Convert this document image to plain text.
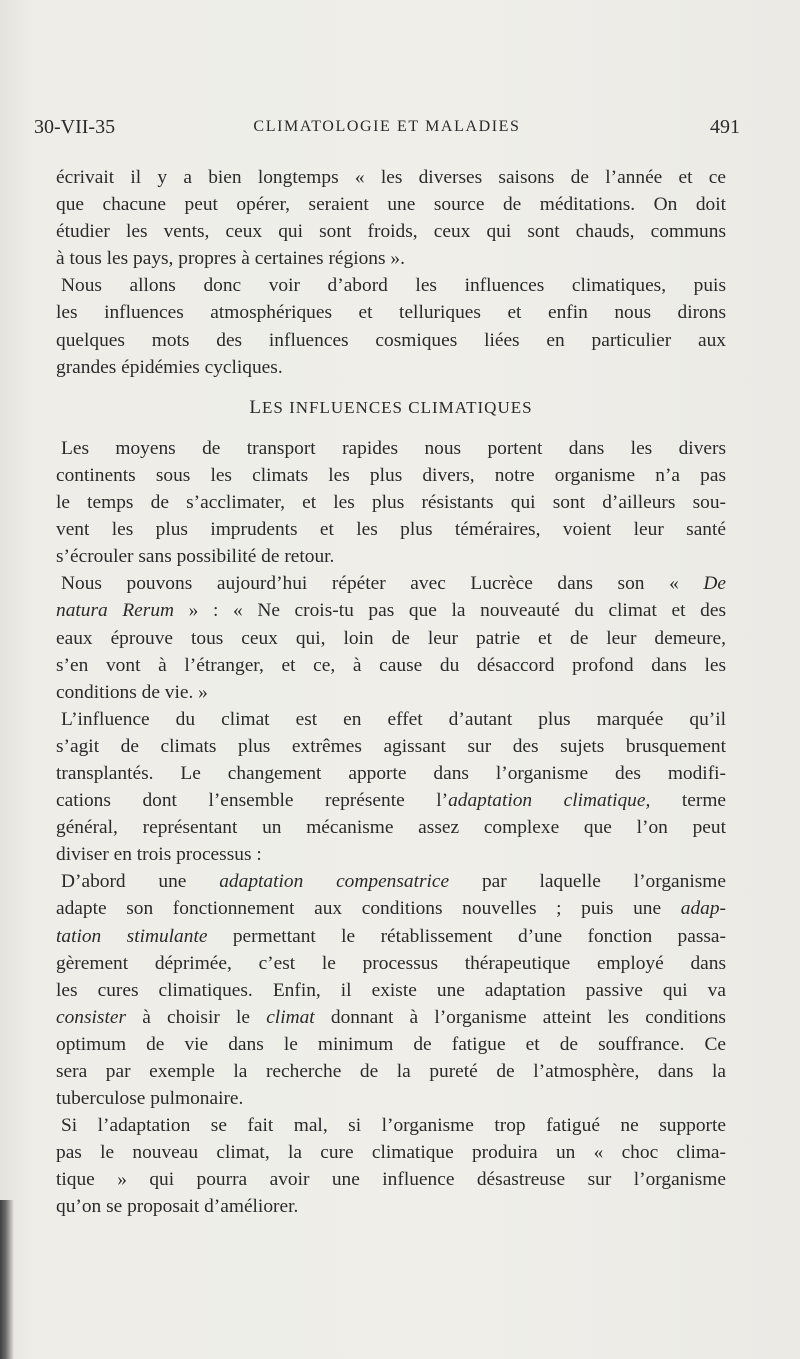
30-VII-35	CLIMATOLOGIE ET MALADIES	491

écrivait il y a bien longtemps « les diverses saisons de l’année et ce
que chacune peut opérer, seraient une source de méditations. On doit
étudier les vents, ceux qui sont froids, ceux qui sont chauds, communs
à tous les pays, propres à certaines régions ».

Nous allons donc voir d’abord les influences climatiques, puis
les influences atmosphériques et telluriques et enfin nous dirons
quelques mots des influences cosmiques liées en particulier aux
grandes épidémies cycliques.

LES INFLUENCES CLIMATIQUES

Les moyens de transport rapides nous portent dans les divers
continents sous les climats les plus divers, notre organisme n’a pas
le temps de s’acclimater, et les plus résistants qui sont d’ailleurs sou-
vent les plus imprudents et les plus téméraires, voient leur santé
s’écrouler sans possibilité de retour.

Nous pouvons aujourd’hui répéter avec Lucrèce dans son « De
natura Rerum » : « Ne crois-tu pas que la nouveauté du climat et des
eaux éprouve tous ceux qui, loin de leur patrie et de leur demeure,
s’en vont à l’étranger, et ce, à cause du désaccord profond dans les
conditions de vie. »

L’influence du climat est en effet d’autant plus marquée qu’il
s’agit de climats plus extrêmes agissant sur des sujets brusquement
transplantés. Le changement apporte dans l’organisme des modifi-
cations dont l’ensemble représente l’adaptation climatique, terme
général, représentant un mécanisme assez complexe que l’on peut
diviser en trois processus :

D’abord une adaptation compensatrice par laquelle l’organisme
adapte son fonctionnement aux conditions nouvelles ; puis une adap-
tation stimulante permettant le rétablissement d’une fonction passa-
gèrement déprimée, c’est le processus thérapeutique employé dans
les cures climatiques. Enfin, il existe une adaptation passive qui va
consister à choisir le climat donnant à l’organisme atteint les conditions
optimum de vie dans le minimum de fatigue et de souffrance. Ce
sera par exemple la recherche de la pureté de l’atmosphère, dans la
tuberculose pulmonaire.

Si l’adaptation se fait mal, si l’organisme trop fatigué ne supporte
pas le nouveau climat, la cure climatique produira un « choc clima-
tique » qui pourra avoir une influence désastreuse sur l’organisme
qu’on se proposait d’améliorer.
